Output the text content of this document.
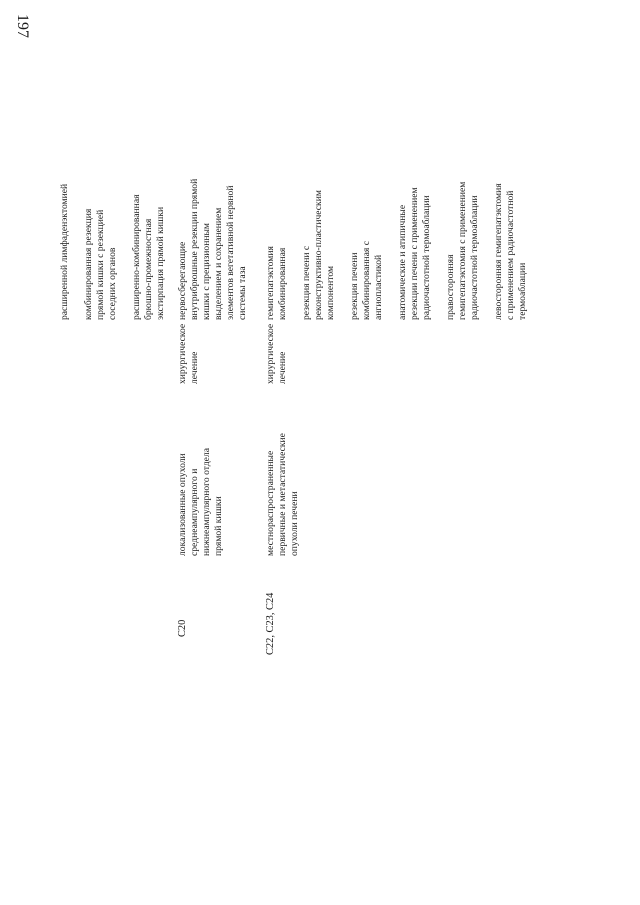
197
расширенной лимфаденэктомией комбинированная резекция
прямой кишки с резекцией
соседних органов расширенно-комбинированная
брюшно-промежностная
экстирпация прямой кишки
C20
локализованные опухоли
среднеампулярного и
нижнеампулярного отдела
прямой кишки
хирургическое
лечение
нервосберегающие
внутрибрюшные резекции прямой
кишки с прецизионным
выделением и сохранением
элементов вегетативной нервной
системы таза
C22, C23, C24
местнораспространенные
первичные и метастатические
опухоли печени
хирургическое
лечение
гемигепатэктомия
комбинированная резекция печени с
реконструктивно-пластическим
компонентом резекция печени
комбинированная с
ангиопластикой анатомические и атипичные
резекции печени с применением
радиочастотной термоаблации
правосторонняя
гемигепатэктомия с применением
радиочастотной термоаблации
левосторонняя гемигепатэктомия
с применением радиочастотной
термоаблации
